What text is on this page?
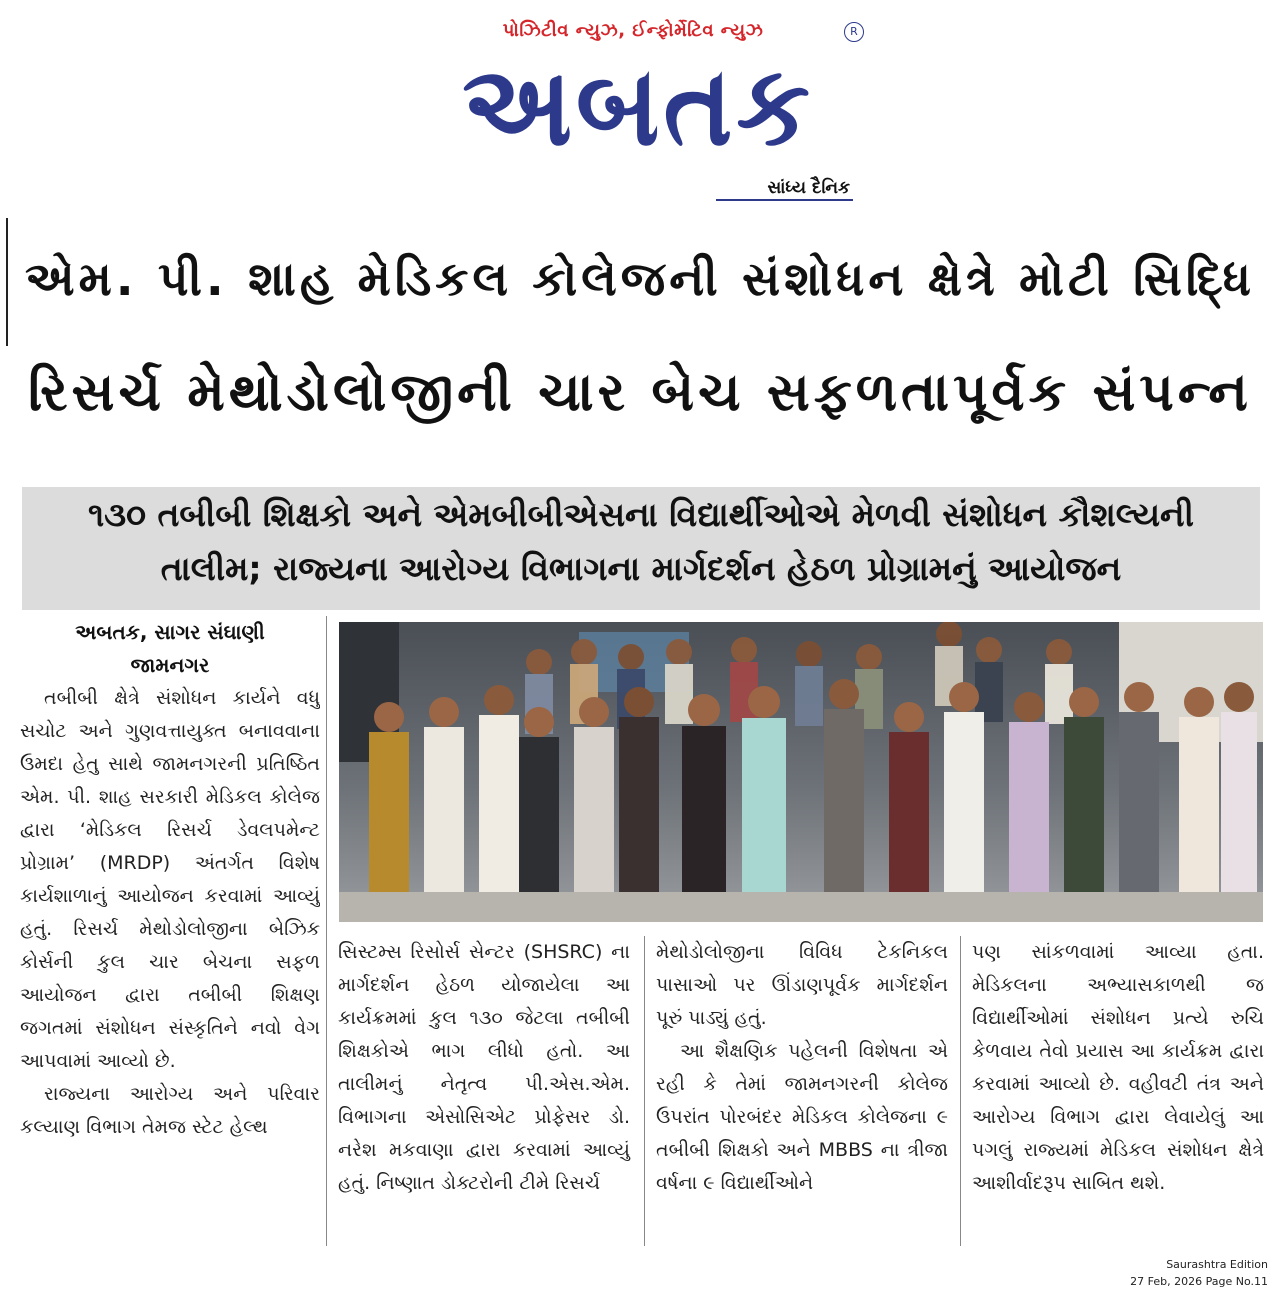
પોઝિટીવ ન્યુઝ, ઈન્ફોર્મેટિવ ન્યુઝ	R
અબતક
સાંધ્ય દૈનિક
એમ. પી. શાહ મેડિકલ કોલેજની સંશોધન ક્ષેત્રે મોટી સિદ્ધિ
રિસર્ચ મેથોડોલોજીની ચાર બેચ સફળતાપૂર્વક સંપન્ન
૧૩૦ તબીબી શિક્ષકો અને એમબીબીએસના વિદ્યાર્થીઓએ મેળવી સંશોધન કૌશલ્યની
તાલીમ; રાજ્યના આરોગ્ય વિભાગના માર્ગદર્શન હેઠળ પ્રોગ્રામનું આયોજન
અબતક, સાગર સંઘાણી
જામનગર

તબીબી ક્ષેત્રે સંશોધન કાર્યને વધુ સચોટ અને ગુણવત્તાયુક્ત બનાવવાના ઉમદા હેતુ સાથે જામનગરની પ્રતિષ્ઠિત એમ. પી. શાહ સરકારી મેડિકલ કોલેજ દ્વારા ‘મેડિકલ રિસર્ચ ડેવલપમેન્ટ પ્રોગ્રામ’ (MRDP) અંતર્ગત વિશેષ કાર્યશાળાનું આયોજન કરવામાં આવ્યું હતું. રિસર્ચ મેથોડોલોજીના બેઝિક કોર્સની કુલ ચાર બેચના સફળ આયોજન દ્વારા તબીબી શિક્ષણ જગતમાં સંશોધન સંસ્કૃતિને નવો વેગ આપવામાં આવ્યો છે.

રાજ્યના આરોગ્ય અને પરિવાર કલ્યાણ વિભાગ તેમજ સ્ટેટ હેલ્થ

સિસ્ટમ્સ રિસોર્સ સેન્ટર (SHSRC) ના માર્ગદર્શન હેઠળ યોજાયેલા આ કાર્યક્રમમાં કુલ ૧૩૦ જેટલા તબીબી શિક્ષકોએ ભાગ લીધો હતો. આ તાલીમનું નેતૃત્વ પી.એસ.એમ. વિભાગના એસોસિએટ પ્રોફેસર ડો. નરેશ મકવાણા દ્વારા કરવામાં આવ્યું હતું. નિષ્ણાત ડોક્ટરોની ટીમે રિસર્ચ

મેથોડોલોજીના વિવિધ ટેકનિકલ પાસાઓ પર ઊંડાણપૂર્વક માર્ગદર્શન પૂરું પાડ્યું હતું.

આ શૈક્ષણિક પહેલની વિશેષતા એ રહી કે તેમાં જામનગરની કોલેજ ઉપરાંત પોરબંદર મેડિકલ કોલેજના ૯ તબીબી શિક્ષકો અને MBBS ના ત્રીજા વર્ષના ૯ વિદ્યાર્થીઓને

પણ સાંકળવામાં આવ્યા હતા. મેડિકલના અભ્યાસકાળથી જ વિદ્યાર્થીઓમાં સંશોધન પ્રત્યે રુચિ કેળવાય તેવો પ્રયાસ આ કાર્યક્રમ દ્વારા કરવામાં આવ્યો છે. વહીવટી તંત્ર અને આરોગ્ય વિભાગ દ્વારા લેવાયેલું આ પગલું રાજ્યમાં મેડિકલ સંશોધન ક્ષેત્રે આશીર્વાદરૂપ સાબિત થશે.

Saurashtra Edition
27 Feb, 2026 Page No.11
